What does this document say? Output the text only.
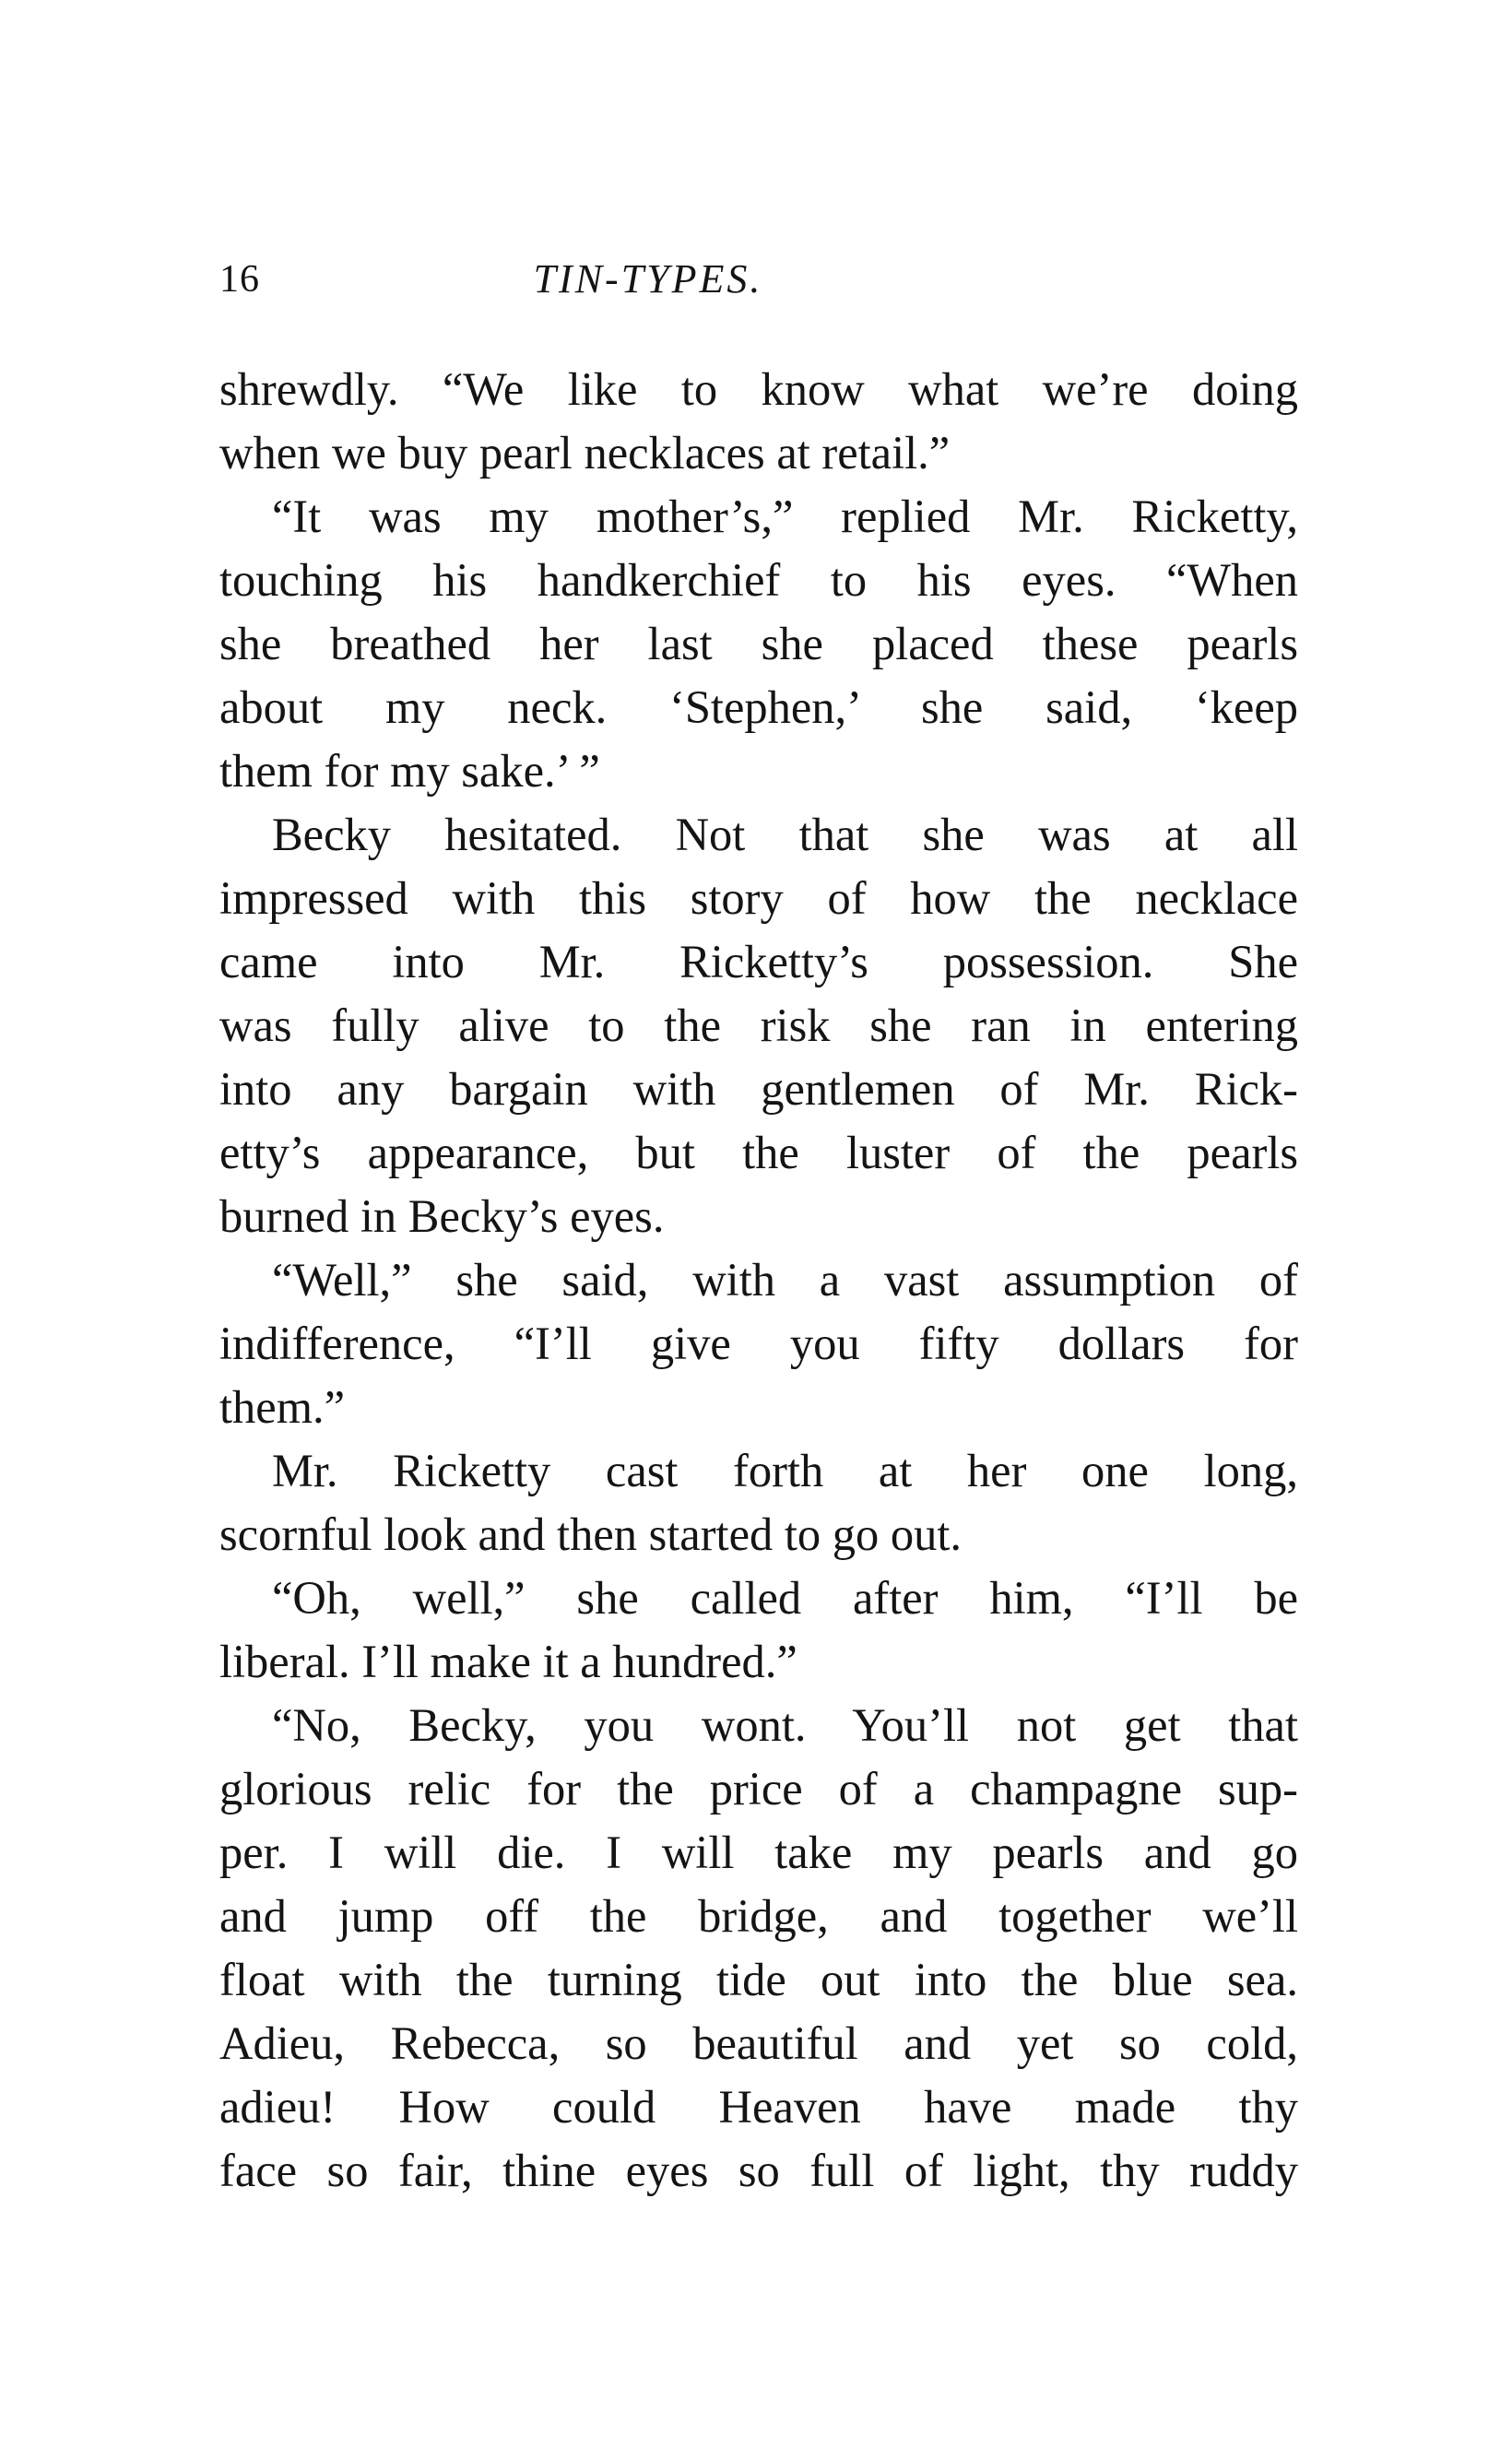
16	TIN-TYPES.
shrewdly. “We like to know what we’re doing
when we buy pearl necklaces at retail.”
“It was my mother’s,” replied Mr. Ricketty,
touching his handkerchief to his eyes. “When
she breathed her last she placed these pearls
about my neck. ‘Stephen,’ she said, ‘keep
them for my sake.’ ”
Becky hesitated. Not that she was at all
impressed with this story of how the necklace
came into Mr. Ricketty’s possession. She
was fully alive to the risk she ran in entering
into any bargain with gentlemen of Mr. Rick-
etty’s appearance, but the luster of the pearls
burned in Becky’s eyes.
“Well,” she said, with a vast assumption of
indifference, “I’ll give you fifty dollars for
them.”
Mr. Ricketty cast forth at her one long,
scornful look and then started to go out.
“Oh, well,” she called after him, “I’ll be
liberal. I’ll make it a hundred.”
“No, Becky, you wont. You’ll not get that
glorious relic for the price of a champagne sup-
per. I will die. I will take my pearls and go
and jump off the bridge, and together we’ll
float with the turning tide out into the blue sea.
Adieu, Rebecca, so beautiful and yet so cold,
adieu! How could Heaven have made thy
face so fair, thine eyes so full of light, thy ruddy
